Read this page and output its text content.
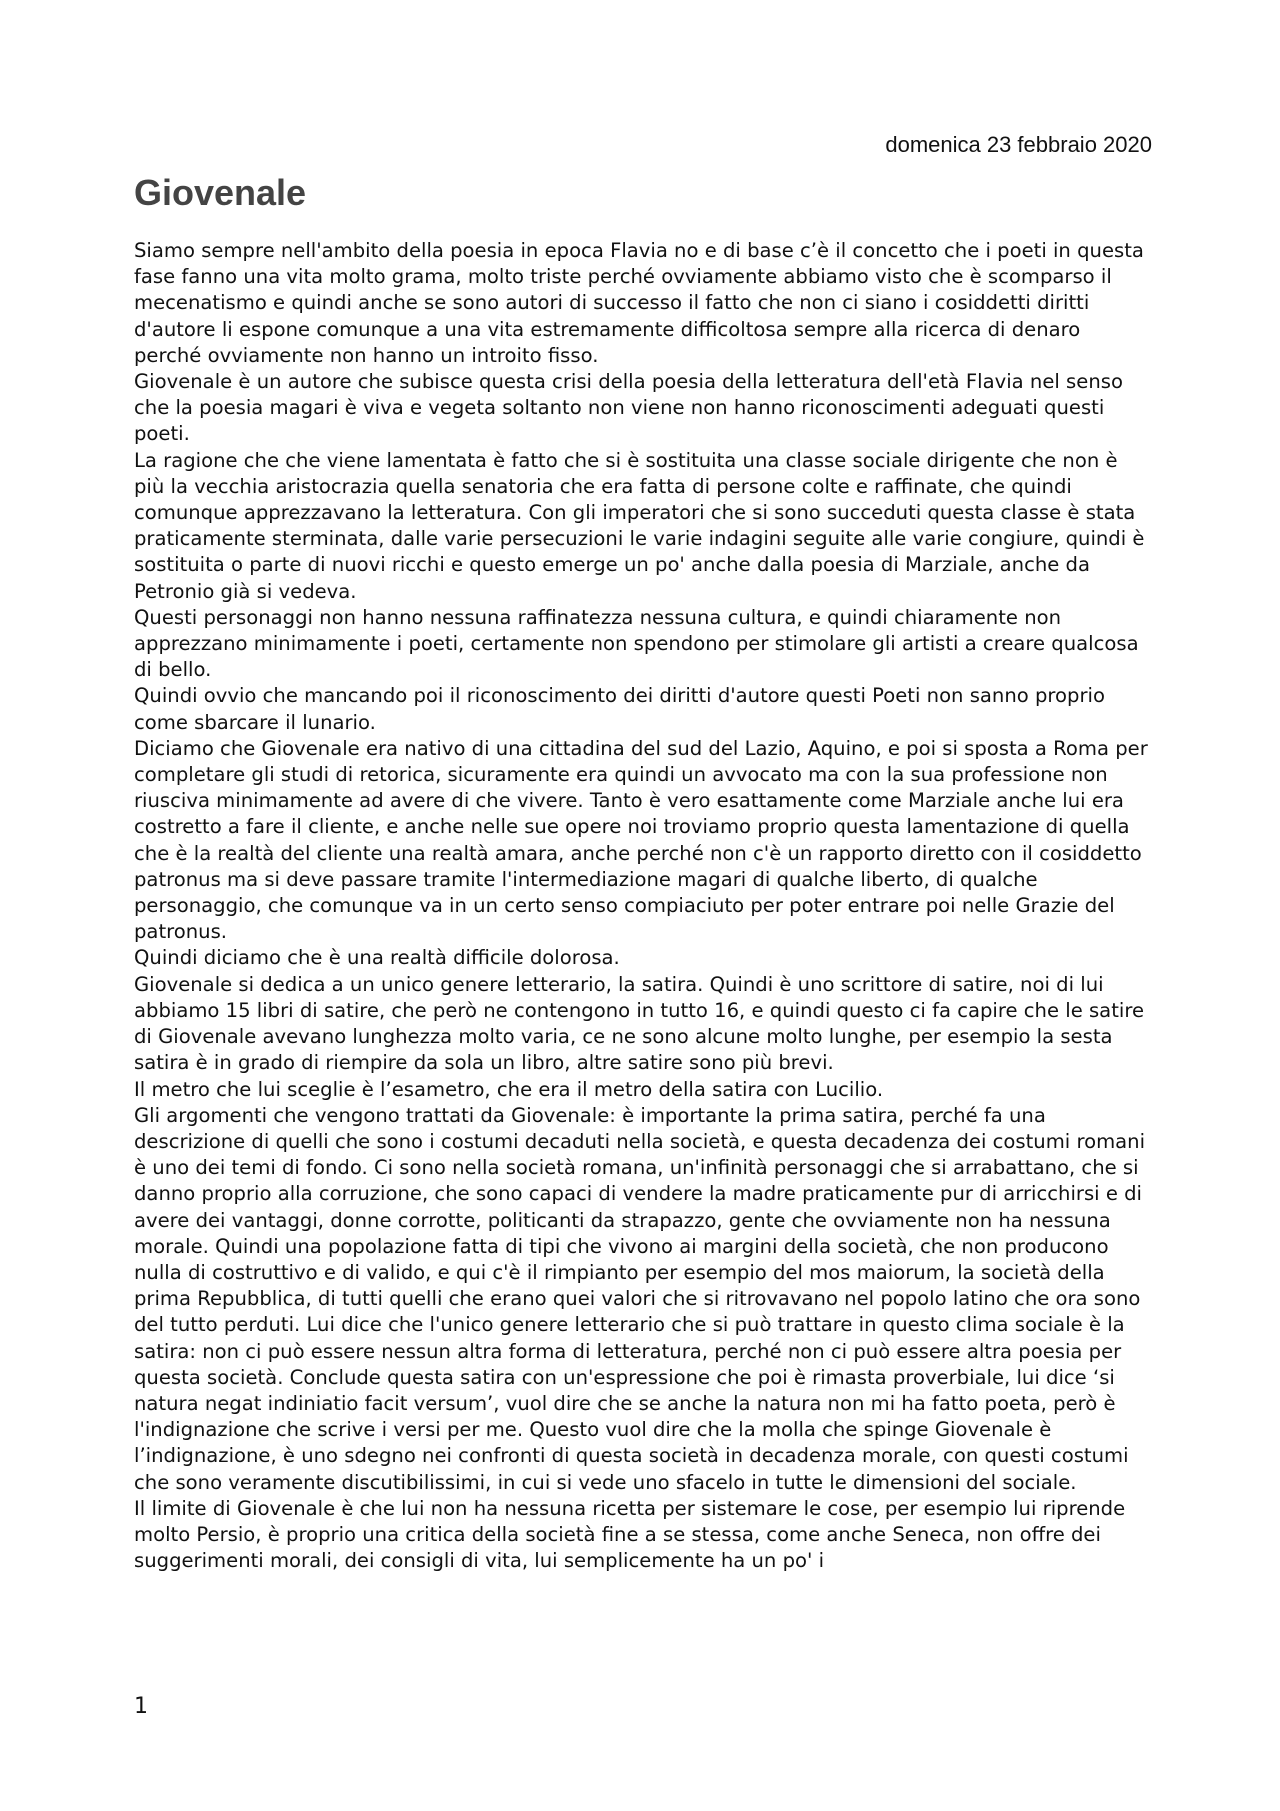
domenica 23 febbraio 2020
Giovenale

Siamo sempre nell'ambito della poesia in epoca Flavia no e di base c’è il concetto che i poeti in questa fase fanno una vita molto grama, molto triste perché ovviamente abbiamo visto che è scomparso il mecenatismo e quindi anche se sono autori di successo il fatto che non ci siano i cosiddetti diritti d'autore li espone comunque a una vita estremamente difficoltosa sempre alla ricerca di denaro perché ovviamente non hanno un introito fisso.

Giovenale è un autore che subisce questa crisi della poesia della letteratura dell'età Flavia nel senso che la poesia magari è viva e vegeta soltanto non viene non hanno riconoscimenti adeguati questi poeti.

La ragione che che viene lamentata è fatto che si è sostituita una classe sociale dirigente che non è più la vecchia aristocrazia quella senatoria che era fatta di persone colte e raffinate, che quindi comunque apprezzavano la letteratura. Con gli imperatori che si sono succeduti questa classe è stata praticamente sterminata, dalle varie persecuzioni le varie indagini seguite alle varie congiure, quindi è sostituita o parte di nuovi ricchi e questo emerge un po' anche dalla poesia di Marziale, anche da Petronio già si vedeva.

Questi personaggi non hanno nessuna raffinatezza nessuna cultura, e quindi chiaramente non apprezzano minimamente i poeti, certamente non spendono per stimolare gli artisti a creare qualcosa di bello.

Quindi ovvio che mancando poi il riconoscimento dei diritti d'autore questi Poeti non sanno proprio come sbarcare il lunario.

Diciamo che Giovenale era nativo di una cittadina del sud del Lazio, Aquino, e poi si sposta a Roma per completare gli studi di retorica, sicuramente era quindi un avvocato ma con la sua professione non riusciva minimamente ad avere di che vivere. Tanto è vero esattamente come Marziale anche lui era costretto a fare il cliente, e anche nelle sue opere noi troviamo proprio questa lamentazione di quella che è la realtà del cliente una realtà amara, anche perché non c'è un rapporto diretto con il cosiddetto patronus ma si deve passare tramite l'intermediazione magari di qualche liberto, di qualche personaggio, che comunque va in un certo senso compiaciuto per poter entrare poi nelle Grazie del patronus.

Quindi diciamo che è una realtà difficile dolorosa.

Giovenale si dedica a un unico genere letterario, la satira. Quindi è uno scrittore di satire, noi di lui abbiamo 15 libri di satire, che però ne contengono in tutto 16, e quindi questo ci fa capire che le satire di Giovenale avevano lunghezza molto varia, ce ne sono alcune molto lunghe, per esempio la sesta satira è in grado di riempire da sola un libro, altre satire sono più brevi.

Il metro che lui sceglie è l’esametro, che era il metro della satira con Lucilio.

Gli argomenti che vengono trattati da Giovenale: è importante la prima satira, perché fa una descrizione di quelli che sono i costumi decaduti nella società, e questa decadenza dei costumi romani è uno dei temi di fondo. Ci sono nella società romana, un'infinità personaggi che si arrabattano, che si danno proprio alla corruzione, che sono capaci di vendere la madre praticamente pur di arricchirsi e di avere dei vantaggi, donne corrotte, politicanti da strapazzo, gente che ovviamente non ha nessuna morale. Quindi una popolazione fatta di tipi che vivono ai margini della società, che non producono nulla di costruttivo e di valido, e qui c'è il rimpianto per esempio del mos maiorum, la società della prima Repubblica, di tutti quelli che erano quei valori che si ritrovavano nel popolo latino che ora sono del tutto perduti. Lui dice che l'unico genere letterario che si può trattare in questo clima sociale è la satira: non ci può essere nessun altra forma di letteratura, perché non ci può essere altra poesia per questa società. Conclude questa satira con un'espressione che poi è rimasta proverbiale, lui dice ‘si natura negat indiniatio facit versum’, vuol dire che se anche la natura non mi ha fatto poeta, però è l'indignazione che scrive i versi per me. Questo vuol dire che la molla che spinge Giovenale è l’indignazione, è uno sdegno nei confronti di questa società in decadenza morale, con questi costumi che sono veramente discutibilissimi, in cui si vede uno sfacelo in tutte le dimensioni del sociale.

Il limite di Giovenale è che lui non ha nessuna ricetta per sistemare le cose, per esempio lui riprende molto Persio, è proprio una critica della società fine a se stessa, come anche Seneca, non offre dei suggerimenti morali, dei consigli di vita, lui semplicemente ha un po' i

1
